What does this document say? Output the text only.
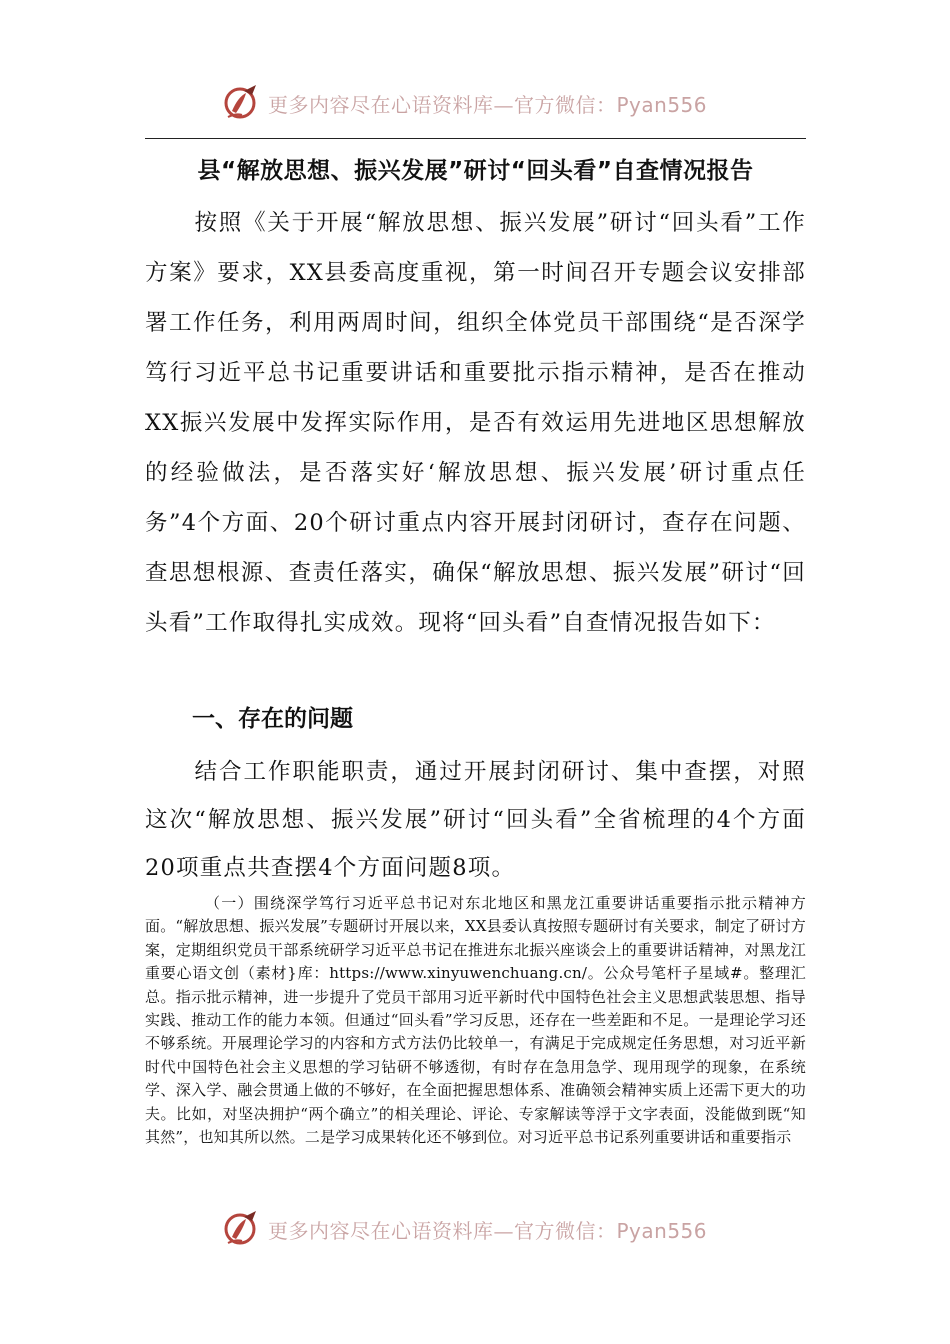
更多内容尽在心语资料库—官方微信：Pyan556
县“解放思想、振兴发展”研讨“回头看”自查情况报告

按照《关于开展“解放思想、振兴发展”研讨“回头看”工作方案》要求，XX县委高度重视，第一时间召开专题会议安排部署工作任务，利用两周时间，组织全体党员干部围绕“是否深学笃行习近平总书记重要讲话和重要批示指示精神，是否在推动XX振兴发展中发挥实际作用，是否有效运用先进地区思想解放的经验做法，是否落实好‘解放思想、振兴发展’研讨重点任务”4个方面、20个研讨重点内容开展封闭研讨，查存在问题、查思想根源、查责任落实，确保“解放思想、振兴发展”研讨“回头看”工作取得扎实成效。现将“回头看”自查情况报告如下：

一、存在的问题

结合工作职能职责，通过开展封闭研讨、集中查摆，对照这次“解放思想、振兴发展”研讨“回头看”全省梳理的4个方面20项重点共查摆4个方面问题8项。

（一）围绕深学笃行习近平总书记对东北地区和黑龙江重要讲话重要指示批示精神方面。“解放思想、振兴发展”专题研讨开展以来，XX县委认真按照专题研讨有关要求，制定了研讨方案，定期组织党员干部系统研学习近平总书记在推进东北振兴座谈会上的重要讲话精神，对黑龙江重要心语文创（素材}库：https://www.xinyuwenchuang.cn/。公众号笔杆子星域#。整理汇总。指示批示精神，进一步提升了党员干部用习近平新时代中国特色社会主义思想武装思想、指导实践、推动工作的能力本领。但通过“回头看”学习反思，还存在一些差距和不足。一是理论学习还不够系统。开展理论学习的内容和方式方法仍比较单一，有满足于完成规定任务思想，对习近平新时代中国特色社会主义思想的学习钻研不够透彻，有时存在急用急学、现用现学的现象，在系统学、深入学、融会贯通上做的不够好，在全面把握思想体系、准确领会精神实质上还需下更大的功夫。比如，对坚决拥护“两个确立”的相关理论、评论、专家解读等浮于文字表面，没能做到既“知其然”，也知其所以然。二是学习成果转化还不够到位。对习近平总书记系列重要讲话和重要指示

更多内容尽在心语资料库—官方微信：Pyan556
